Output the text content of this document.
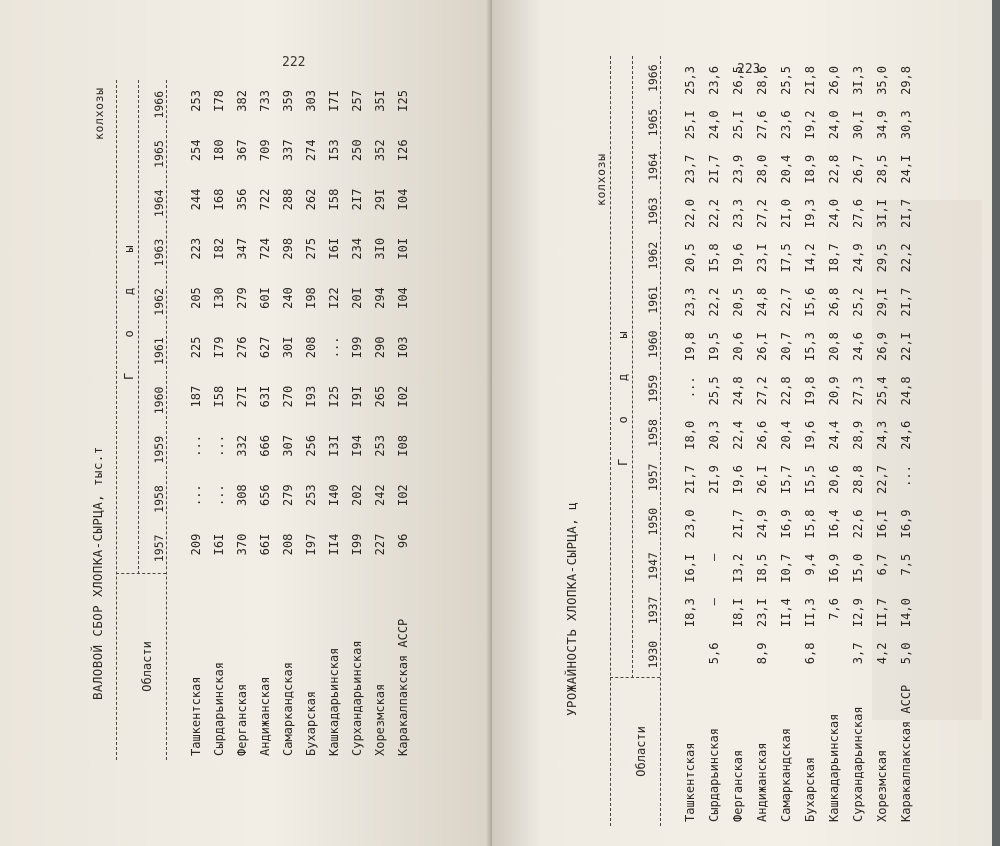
222
ВАЛОВОЙ СБОР ХЛОПКА-СЫРЦА, тыс.т
колхозы
Г о д ы
Области	1957	1958	1959	1960	1961	1962	1963	1964	1965	1966

Ташкентская	209	...	...	187	225	205	223	244	254	253
Сырдарьинская	I6I	...	...	I58	I79	I30	I82	I68	I80	I78
Ферганская	370	308	332	27I	276	279	347	356	367	382
Андижанская	66I	656	666	63I	627	60I	724	722	709	733
Самаркандская	208	279	307	270	30I	240	298	288	337	359
Бухарская	I97	253	256	I93	208	I98	275	262	274	303
Кашкадарьинская	II4	I40	I3I	I25	...	I22	I6I	I58	I53	I7I
Сурхандарьинская	I99	202	I94	I9I	I99	20I	234	2I7	250	257
Хорезмская	227	242	253	265	290	294	3I0	29I	352	35I
Каракалпакская АССР	96	I02	I08	I02	I03	I04	I0I	I04	I26	I25
223
УРОЖАЙНОСТЬ ХЛОПКА-СЫРЦА, ц
колхозы
Г о д ы
Области	1930	1937	1947	1950	1957	1958	1959	1960	1961	1962	1963	1964	1965	1966

Ташкентская		I8,3	I6,I	23,0	2I,7	I8,0	...	I9,8	23,3	20,5	22,0	23,7	25,I	25,3
Сырдарьинская	5,6	–	–		2I,9	20,3	25,5	I9,5	22,2	I5,8	22,2	2I,7	24,0	23,6
Ферганская		I8,I	I3,2	2I,7	I9,6	22,4	24,8	20,6	20,5	I9,6	23,3	23,9	25,I	26,5
Андижанская	8,9	23,I	I8,5	24,9	26,I	26,6	27,2	26,I	24,8	23,I	27,2	28,0	27,6	28,6
Самаркандская		II,4	I0,7	I6,9	I5,7	20,4	22,8	20,7	22,7	I7,5	2I,0	20,4	23,6	25,5
Бухарская	6,8	II,3	9,4	I5,8	I5,5	I9,6	I9,8	I5,3	I5,6	I4,2	I9,3	I8,9	I9,2	2I,8
Кашкадарьинская		7,6	I6,9	I6,4	20,6	24,4	20,9	20,8	26,8	I8,7	24,0	22,8	24,0	26,0
Сурхандарьинская	3,7	I2,9	I5,0	22,6	28,8	28,9	27,3	24,6	25,2	24,9	27,6	26,7	30,I	3I,3
Хорезмская	4,2	II,7	6,7	I6,I	22,7	24,3	25,4	26,9	29,I	29,5	3I,I	28,5	34,9	35,0
Каракалпакская АССР	5,0	I4,0	7,5	I6,9	...	24,6	24,8	22,I	2I,7	22,2	2I,7	24,I	30,3	29,8
